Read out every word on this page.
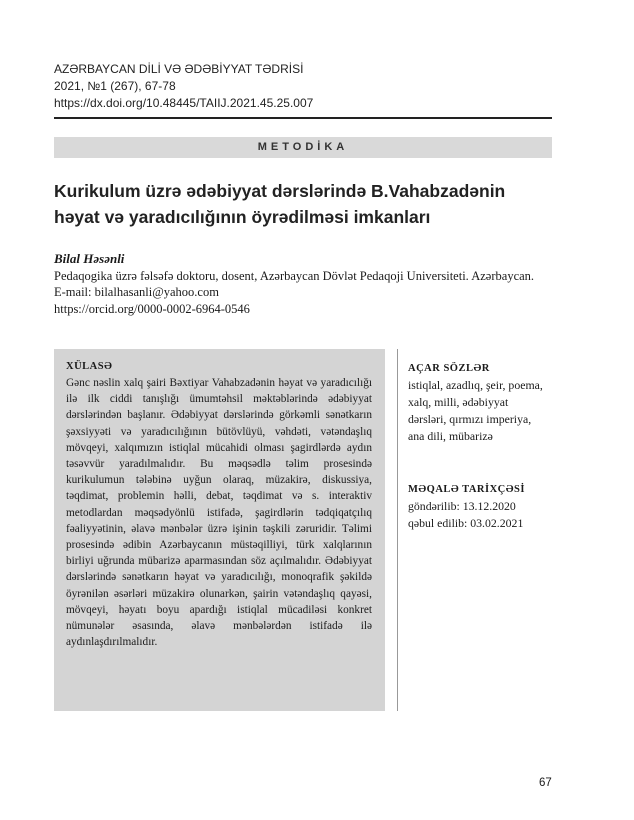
AZƏRBAYCAN DİLİ VƏ ƏDƏBİYYAT TƏDRİSİ
2021, №1 (267), 67-78
https://dx.doi.org/10.48445/TAIIJ.2021.45.25.007
METODİKA
Kurikulum üzrə ədəbiyyat dərslərində B.Vahabzadənin
həyat və yaradıcılığının öyrədilməsi imkanları
Bilal Həsənli
Pedaqogika üzrə fəlsəfə doktoru, dosent, Azərbaycan Dövlət Pedaqoji Universiteti. Azərbaycan.
E-mail: bilalhasanli@yahoo.com
https://orcid.org/0000-0002-6964-0546
XÜLASƏ
Gənc nəslin xalq şairi Bəxtiyar Vahabzadənin həyat və yaradıcılığı ilə ilk ciddi tanışlığı ümumtəhsil məktəblərində ədəbiyyat dərslərindən başlanır. Ədəbiyyat dərslərində görkəmli sənətkarın şəxsiyyəti və yaradıcılığının bütövlüyü, vəhdəti, vətəndaşlıq mövqeyi, xalqımızın istiqlal mücahidi olması şagirdlərdə aydın təsəvvür yaradılmalıdır. Bu məqsədlə təlim prosesində kurikulumun tələbinə uyğun olaraq, müzakirə, diskussiya, təqdimat, problemin həlli, debat, təqdimat və s. interaktiv metodlardan məqsədyönlü istifadə, şagirdlərin tədqiqatçılıq fəaliyyətinin, əlavə mənbələr üzrə işinin təşkili zəruridir. Təlimi prosesində ədibin Azərbaycanın müstəqilliyi, türk xalqlarının birliyi uğrunda mübarizə aparmasından söz açılmalıdır. Ədəbiyyat dərslərində sənətkarın həyat və yaradıcılığı, monoqrafik şəkildə öyrənilən əsərləri müzakirə olunarkən, şairin vətəndaşlıq qayəsi, mövqeyi, həyatı boyu apardığı istiqlal mücadiləsi konkret nümunələr əsasında, əlavə mənbələrdən istifadə ilə aydınlaşdırılmalıdır.
AÇAR SÖZLƏR
istiqlal, azadlıq, şeir, poema, xalq, milli, ədəbiyyat dərsləri, qırmızı imperiya, ana dili, mübarizə
MƏQALƏ TARİXÇƏSİ
göndərilib: 13.12.2020
qəbul edilib: 03.02.2021
67
